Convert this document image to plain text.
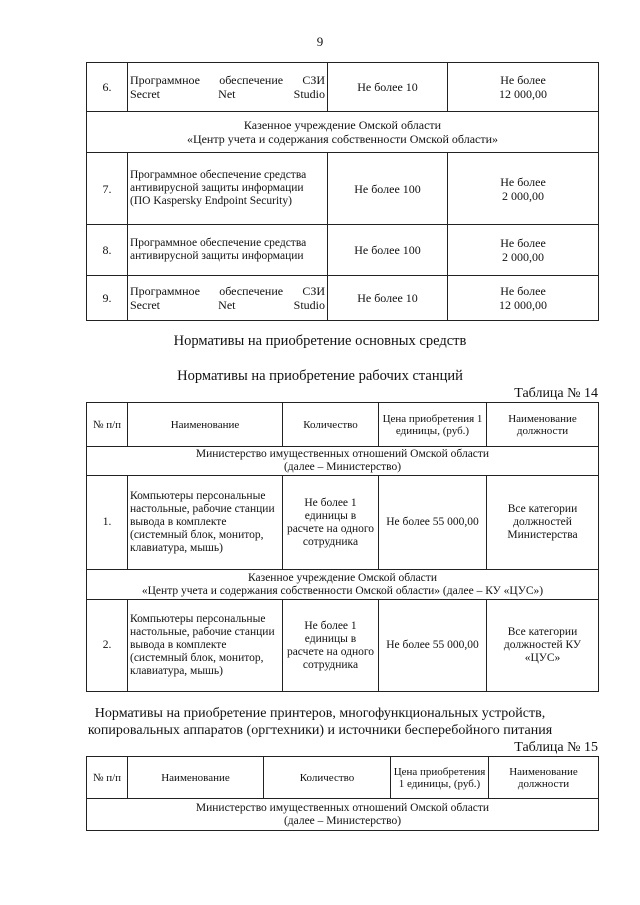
9
6.	Программное обеспечение СЗИ Secret Net Studio	Не более 10	Не более
12 000,00

Казенное учреждение Омской области
«Центр учета и содержания собственности Омской области»			

7.	Программное обеспечение средства антивирусной защиты информации (ПО Kaspersky Endpoint Security)	Не более 100	Не более
2 000,00

8.	Программное обеспечение средства антивирусной защиты информации	Не более 100	Не более
2 000,00

9.	Программное обеспечение СЗИ Secret Net Studio	Не более 10	Не более
12 000,00
Нормативы на приобретение основных средств
Нормативы на приобретение рабочих станций
Таблица № 14
№ п/п	Наименование	Количество	Цена приобретения 1 единицы, (руб.)	Наименование должности

Министерство имущественных отношений Омской области
(далее – Министерство)				

1.	Компьютеры персональные настольные, рабочие станции вывода в комплекте (системный блок, монитор, клавиатура, мышь)	Не более 1 единицы в расчете на одного сотрудника	Не более 55 000,00	Все категории должностей Министерства

Казенное учреждение Омской области
«Центр учета и содержания собственности Омской области» (далее – КУ «ЦУС»)				

2.	Компьютеры персональные настольные, рабочие станции вывода в комплекте (системный блок, монитор, клавиатура, мышь)	Не более 1 единицы в расчете на одного сотрудника	Не более 55 000,00	Все категории должностей КУ «ЦУС»
Нормативы на приобретение принтеров, многофункциональных устройств,
копировальных аппаратов (оргтехники) и источники бесперебойного питания
Таблица № 15
№ п/п	Наименование	Количество	Цена приобретения 1 единицы, (руб.)	Наименование должности

Министерство имущественных отношений Омской области
(далее – Министерство)
